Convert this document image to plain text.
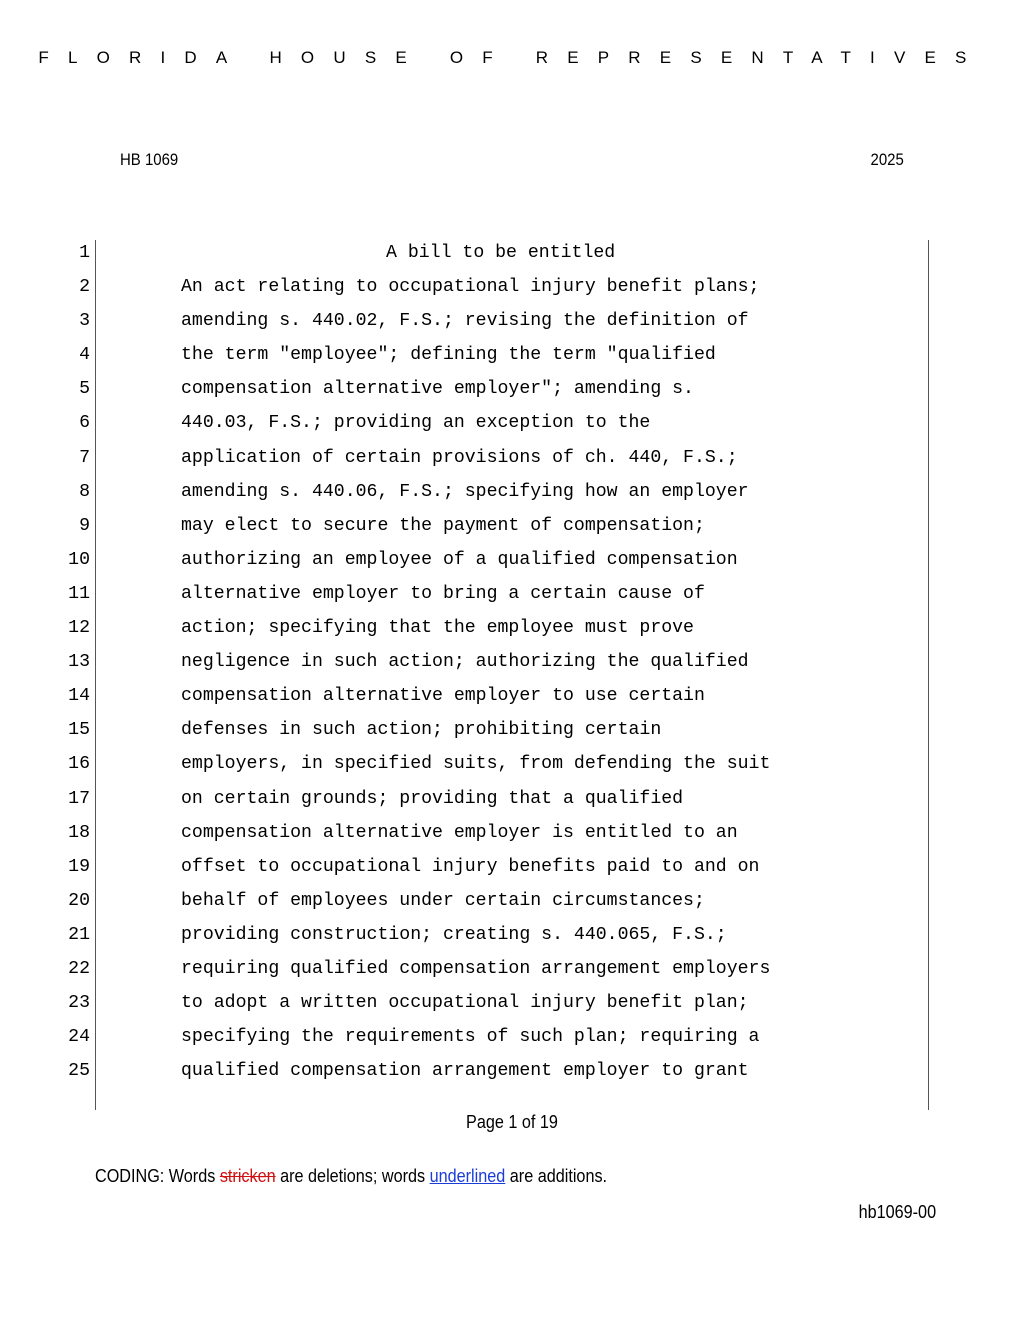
FLORIDA HOUSE OF REPRESENTATIVES
HB 1069	2025
1	A bill to be entitled
2	An act relating to occupational injury benefit plans;
3	amending s. 440.02, F.S.; revising the definition of
4	the term "employee"; defining the term "qualified
5	compensation alternative employer"; amending s.
6	440.03, F.S.; providing an exception to the
7	application of certain provisions of ch. 440, F.S.;
8	amending s. 440.06, F.S.; specifying how an employer
9	may elect to secure the payment of compensation;
10	authorizing an employee of a qualified compensation
11	alternative employer to bring a certain cause of
12	action; specifying that the employee must prove
13	negligence in such action; authorizing the qualified
14	compensation alternative employer to use certain
15	defenses in such action; prohibiting certain
16	employers, in specified suits, from defending the suit
17	on certain grounds; providing that a qualified
18	compensation alternative employer is entitled to an
19	offset to occupational injury benefits paid to and on
20	behalf of employees under certain circumstances;
21	providing construction; creating s. 440.065, F.S.;
22	requiring qualified compensation arrangement employers
23	to adopt a written occupational injury benefit plan;
24	specifying the requirements of such plan; requiring a
25	qualified compensation arrangement employer to grant
Page 1 of 19
CODING: Words stricken are deletions; words underlined are additions.
hb1069-00
